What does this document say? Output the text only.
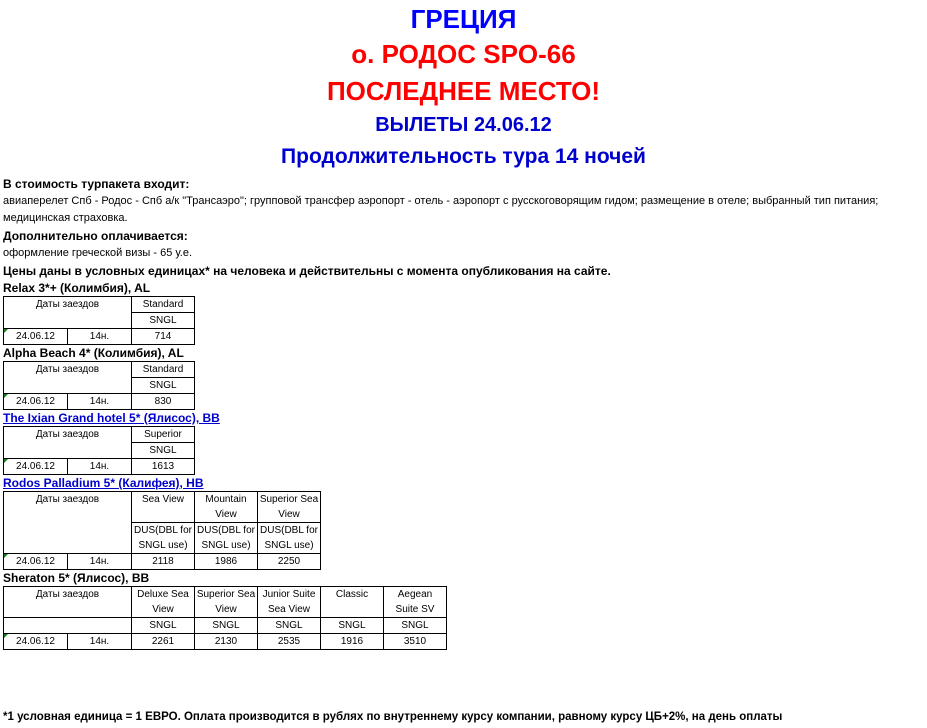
ГРЕЦИЯ

о. РОДОС SPO-66

ПОСЛЕДНЕЕ МЕСТО!

ВЫЛЕТЫ 24.06.12

Продолжительность тура 14 ночей

В стоимость турпакета входит:
авиаперелет Спб - Родос - Спб а/к "Трансаэро"; групповой трансфер аэропорт - отель - аэропорт с русскоговорящим гидом; размещение в отеле; выбранный тип питания; медицинская страховка.
Дополнительно оплачивается:
оформление греческой визы - 65 у.е.
Цены даны в условных единицах* на человека и действительны с момента опубликования на сайте.
Relax 3*+ (Колимбия), AL
Даты заездов		Standard
		SNGL
24.06.12	14н.	714
Alpha Beach 4* (Колимбия), AL
Даты заездов		Standard
		SNGL
24.06.12	14н.	830
The Ixian Grand hotel 5* (Ялисос), BB
Даты заездов		Superior
		SNGL
24.06.12	14н.	1613
Rodos Palladium 5* (Калифея), HB
Даты заездов		Sea View	Mountain View	Superior Sea View
		DUS(DBL for SNGL use)	DUS(DBL for SNGL use)	DUS(DBL for SNGL use)
24.06.12	14н.	2118	1986	2250
Sheraton 5* (Ялисос), BB
Даты заездов		Deluxe Sea View	Superior Sea View	Junior Suite Sea View	Classic	Aegean Suite SV
		SNGL	SNGL	SNGL	SNGL	SNGL
24.06.12	14н.	2261	2130	2535	1916	3510
*1 условная единица = 1 ЕВРО. Оплата производится в рублях по внутреннему курсу компании, равному курсу ЦБ+2%, на день оплаты
